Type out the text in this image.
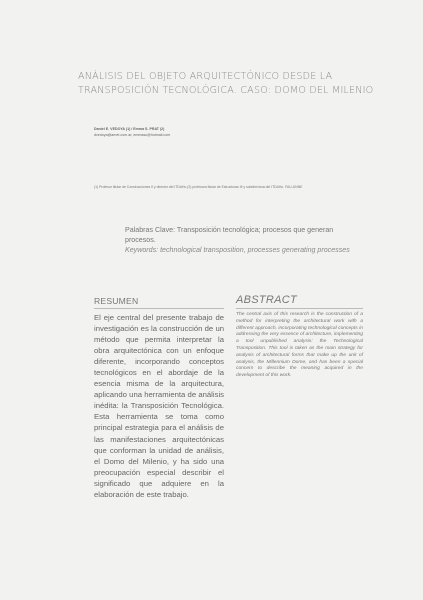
ANÁLISIS DEL OBJETO ARQUITECTÓNICO DESDE LA TRANSPOSICIÓN TECNOLÓGICA. CASO: DOMO DEL MILENIO
Daniel E. VEDOYA (1) / Emma S. PRAT (2)
dvedoya@arnet.com.ar; emmasu@hotmail.com
(1) Profesor titular de Construcciones II y director del ITDAHu (2) profesora titular de Estructuras III y subdirectora del ITDAHu. FAU-UNNE
Palabras Clave: Transposición tecnológica; procesos que generan procesos.
Keywords: technological transposition, processes generating processes
RESUMEN
El eje central del presente trabajo de investigación es la construcción de un método que permita interpretar la obra arquitectónica con un enfoque diferente, incorporando conceptos tecnológicos en el abordaje de la esencia misma de la arquitectura, aplicando una herramienta de análisis inédita: la Transposición Tecnológica. Esta herramienta se toma como principal estrategia para el análisis de las manifestaciones arquitectónicas que conforman la unidad de análisis, el Domo del Milenio, y ha sido una preocupación especial describir el significado que adquiere en la elaboración de este trabajo.
ABSTRACT
The central axis of this research is the construction of a method for interpreting the architectural work with a different approach, incorporating technological concepts in addressing the very essence of architecture, implementing a tool unpublished analysis: the Technological Transposition. This tool is taken as the main strategy for analysis of architectural forms that make up the unit of analysis, the Millennium Dome, and has been a special concern to describe the meaning acquired in the development of this work.
